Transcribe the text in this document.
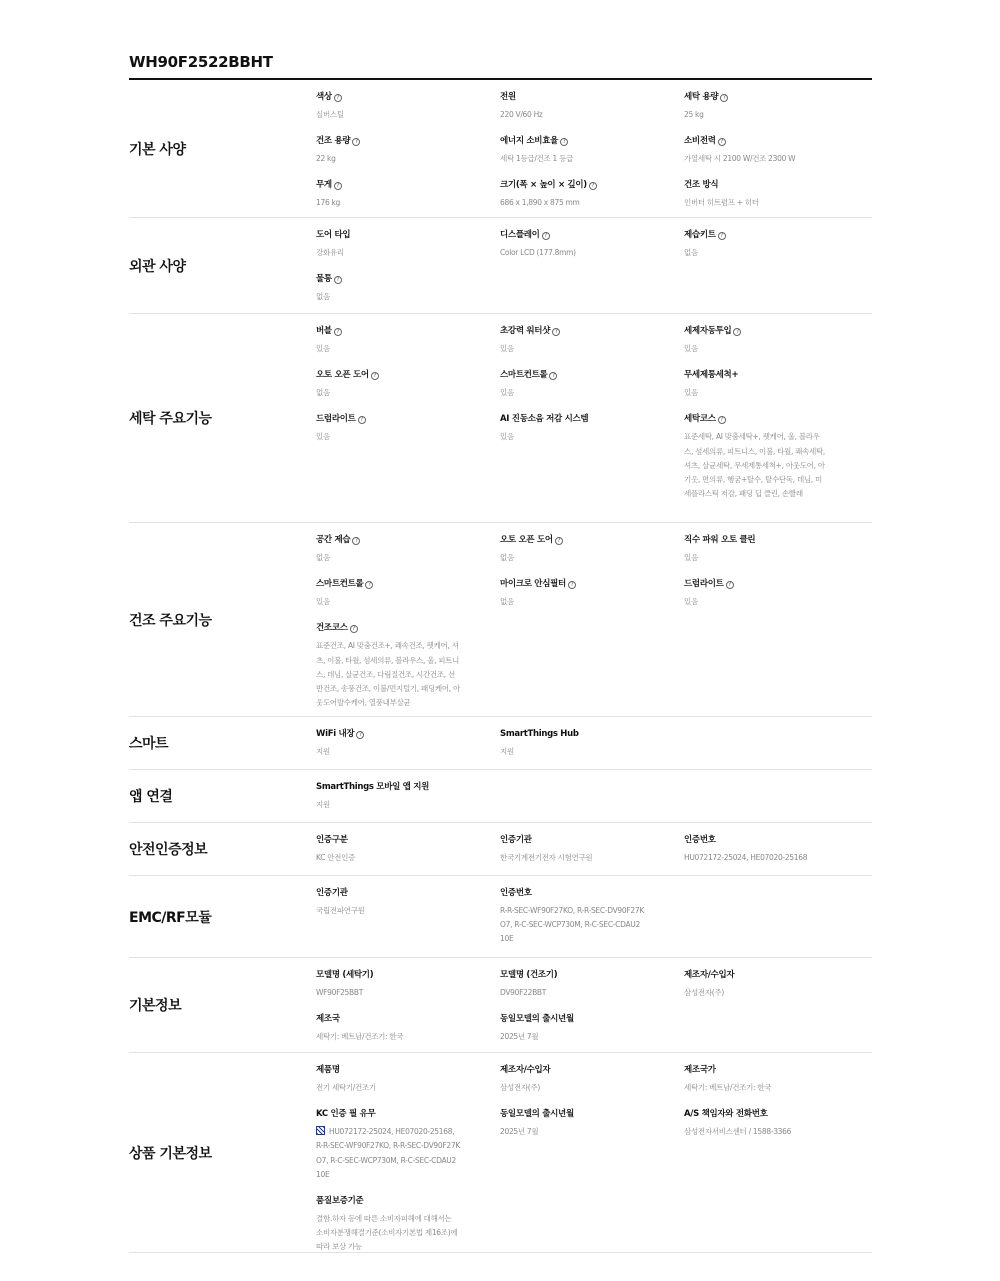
WH90F2522BBHT
기본 사양
색상 ?
실버스틸
전원
220 V/60 Hz
세탁 용량 ?
25 kg
건조 용량 ?
22 kg
에너지 소비효율 ?
세탁 1등급/건조 1 등급
소비전력 ?
가열세탁 시 2100 W/건조 2300 W
무게 ?
176 kg
크기(폭 × 높이 × 깊이) ?
686 x 1,890 x 875 mm
건조 방식
인버터 히트펌프 + 히터
외관 사양
도어 타입
강화유리
디스플레이 ?
Color LCD (177.8mm)
제습키트 ?
없음
물통 ?
없음
세탁 주요기능
버블 ?
있음
초강력 워터샷 ?
있음
세제자동투입 ?
있음
오토 오픈 도어 ?
없음
스마트컨트롤 ?
있음
무세제통세척+
있음
드럼라이트 ?
있음
AI 진동소음 저감 시스템
있음
세탁코스 ?
표준세탁, AI 맞춤세탁+, 펫케어, 울, 블라우스, 섬세의류, 피트니스, 이불, 타월, 쾌속세탁, 셔츠, 살균세탁, 무세제통세척+, 아웃도어, 아기옷, 면의류, 헹굼+탈수, 탈수단독, 데님, 미세플라스틱 저감, 패딩 딥 클린, 손빨래
건조 주요기능
공간 제습 ?
없음
오토 오픈 도어 ?
없음
직수 파워 오토 클린
있음
스마트컨트롤 ?
있음
마이크로 안심필터 ?
없음
드럼라이트 ?
있음
건조코스 ?
표준건조, AI 맞춤건조+, 쾌속건조, 펫케어, 셔츠, 이불, 타월, 섬세의류, 블라우스, 울, 피트니스, 데님, 살균건조, 다림질건조, 시간건조, 선반건조, 송풍건조, 이불/먼지털기, 패딩케어, 아웃도어발수케어, 열풍내부살균
스마트
WiFi 내장 ?
지원
SmartThings Hub
지원
앱 연결
SmartThings 모바일 앱 지원
지원
안전인증정보
인증구분
KC 안전인증
인증기관
한국기계전기전자 시험연구원
인증번호
HU072172-25024, HE07020-25168
EMC/RF모듈
인증기관
국립전파연구원
인증번호
R-R-SEC-WF90F27KO, R-R-SEC-DV90F27KO7, R-C-SEC-WCP730M, R-C-SEC-CDAU210E
기본정보
모델명 (세탁기)
WF90F25BBT
모델명 (건조기)
DV90F22BBT
제조자/수입자
삼성전자(주)
제조국
세탁기: 베트남/건조기: 한국
동일모델의 출시년월
2025년 7월
상품 기본정보
제품명
전기 세탁기/건조기
제조자/수입자
삼성전자(주)
제조국가
세탁기: 베트남/건조기: 한국
KC 인증 필 유무
HU072172-25024, HE07020-25168, R-R-SEC-WF90F27KO, R-R-SEC-DV90F27KO7, R-C-SEC-WCP730M, R-C-SEC-CDAU210E
동일모델의 출시년월
2025년 7월
A/S 책임자와 전화번호
삼성전자서비스센터 / 1588-3366
품질보증기준
결함.하자 등에 따른 소비자피해에 대해서는 소비자분쟁해결기준(소비자기본법 제16조)에 따라 보상 가능
